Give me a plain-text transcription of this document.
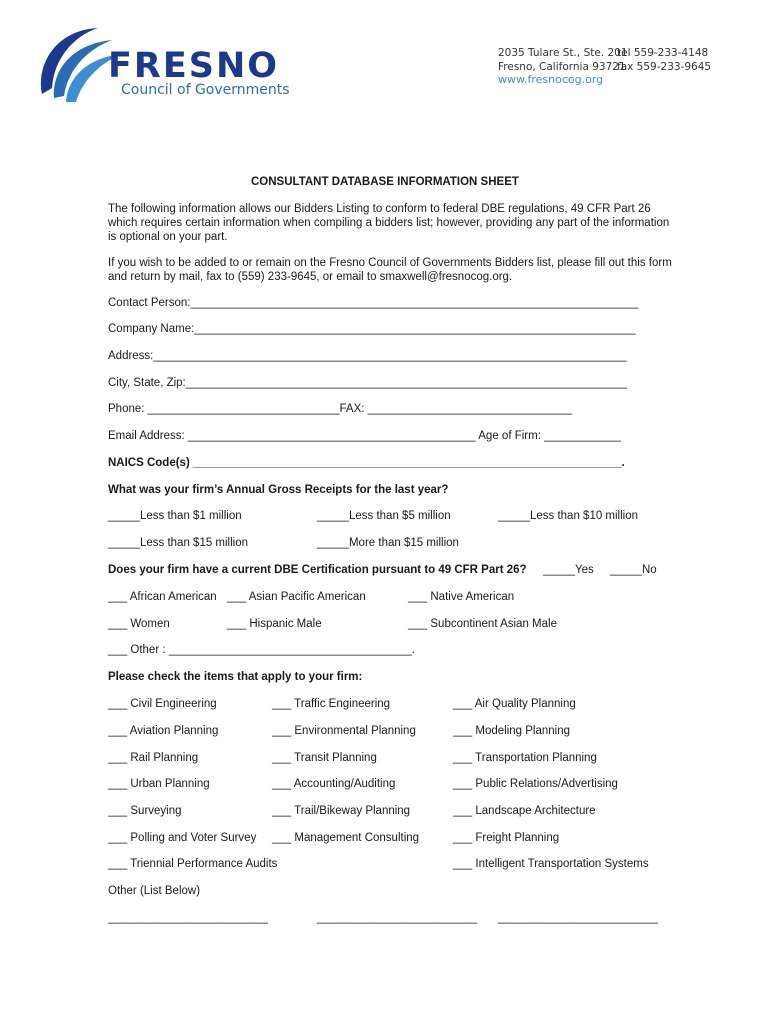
FRESNO
Council of Governments
2035 Tulare St., Ste. 201
tel 559-233-4148
Fresno, California 93721
fax 559-233-9645
www.fresnocog.org
CONSULTANT DATABASE INFORMATION SHEET
The following information allows our Bidders Listing to conform to federal DBE regulations, 49 CFR Part 26
which requires certain information when compiling a bidders list; however, providing any part of the information
is optional on your part.
If you wish to be added to or remain on the Fresno Council of Governments Bidders list, please fill out this form
and return by mail, fax to (559) 233-9645, or email to smaxwell@fresnocog.org.
Contact Person:______________________________________________________________________
Company Name:_____________________________________________________________________
Address:__________________________________________________________________________
City, State, Zip:_____________________________________________________________________
Phone: ______________________________FAX: ________________________________
Email Address: _____________________________________________ Age of Firm: ____________
NAICS Code(s) ___________________________________________________________________.
What was your firm’s Annual Gross Receipts for the last year?
_____Less than $1 million	_____Less than $5 million	_____Less than $10 million
_____Less than $15 million	_____More than $15 million
Does your firm have a current DBE Certification pursuant to 49 CFR Part 26? _____Yes _____No
___ African American ___ Asian Pacific American	___ Native American
___ Women	___ Hispanic Male	___ Subcontinent Asian Male
___ Other : ______________________________________.
Please check the items that apply to your firm:
___ Civil Engineering	___ Traffic Engineering	___ Air Quality Planning
___ Aviation Planning	___ Environmental Planning	___ Modeling Planning
___ Rail Planning	___ Transit Planning	___ Transportation Planning
___ Urban Planning	___ Accounting/Auditing	___ Public Relations/Advertising
___ Surveying	___ Trail/Bikeway Planning	___ Landscape Architecture
___ Polling and Voter Survey ___ Management Consulting	___ Freight Planning
___ Triennial Performance Audits	___ Intelligent Transportation Systems
Other (List Below)
_________________________	_________________________ _________________________
